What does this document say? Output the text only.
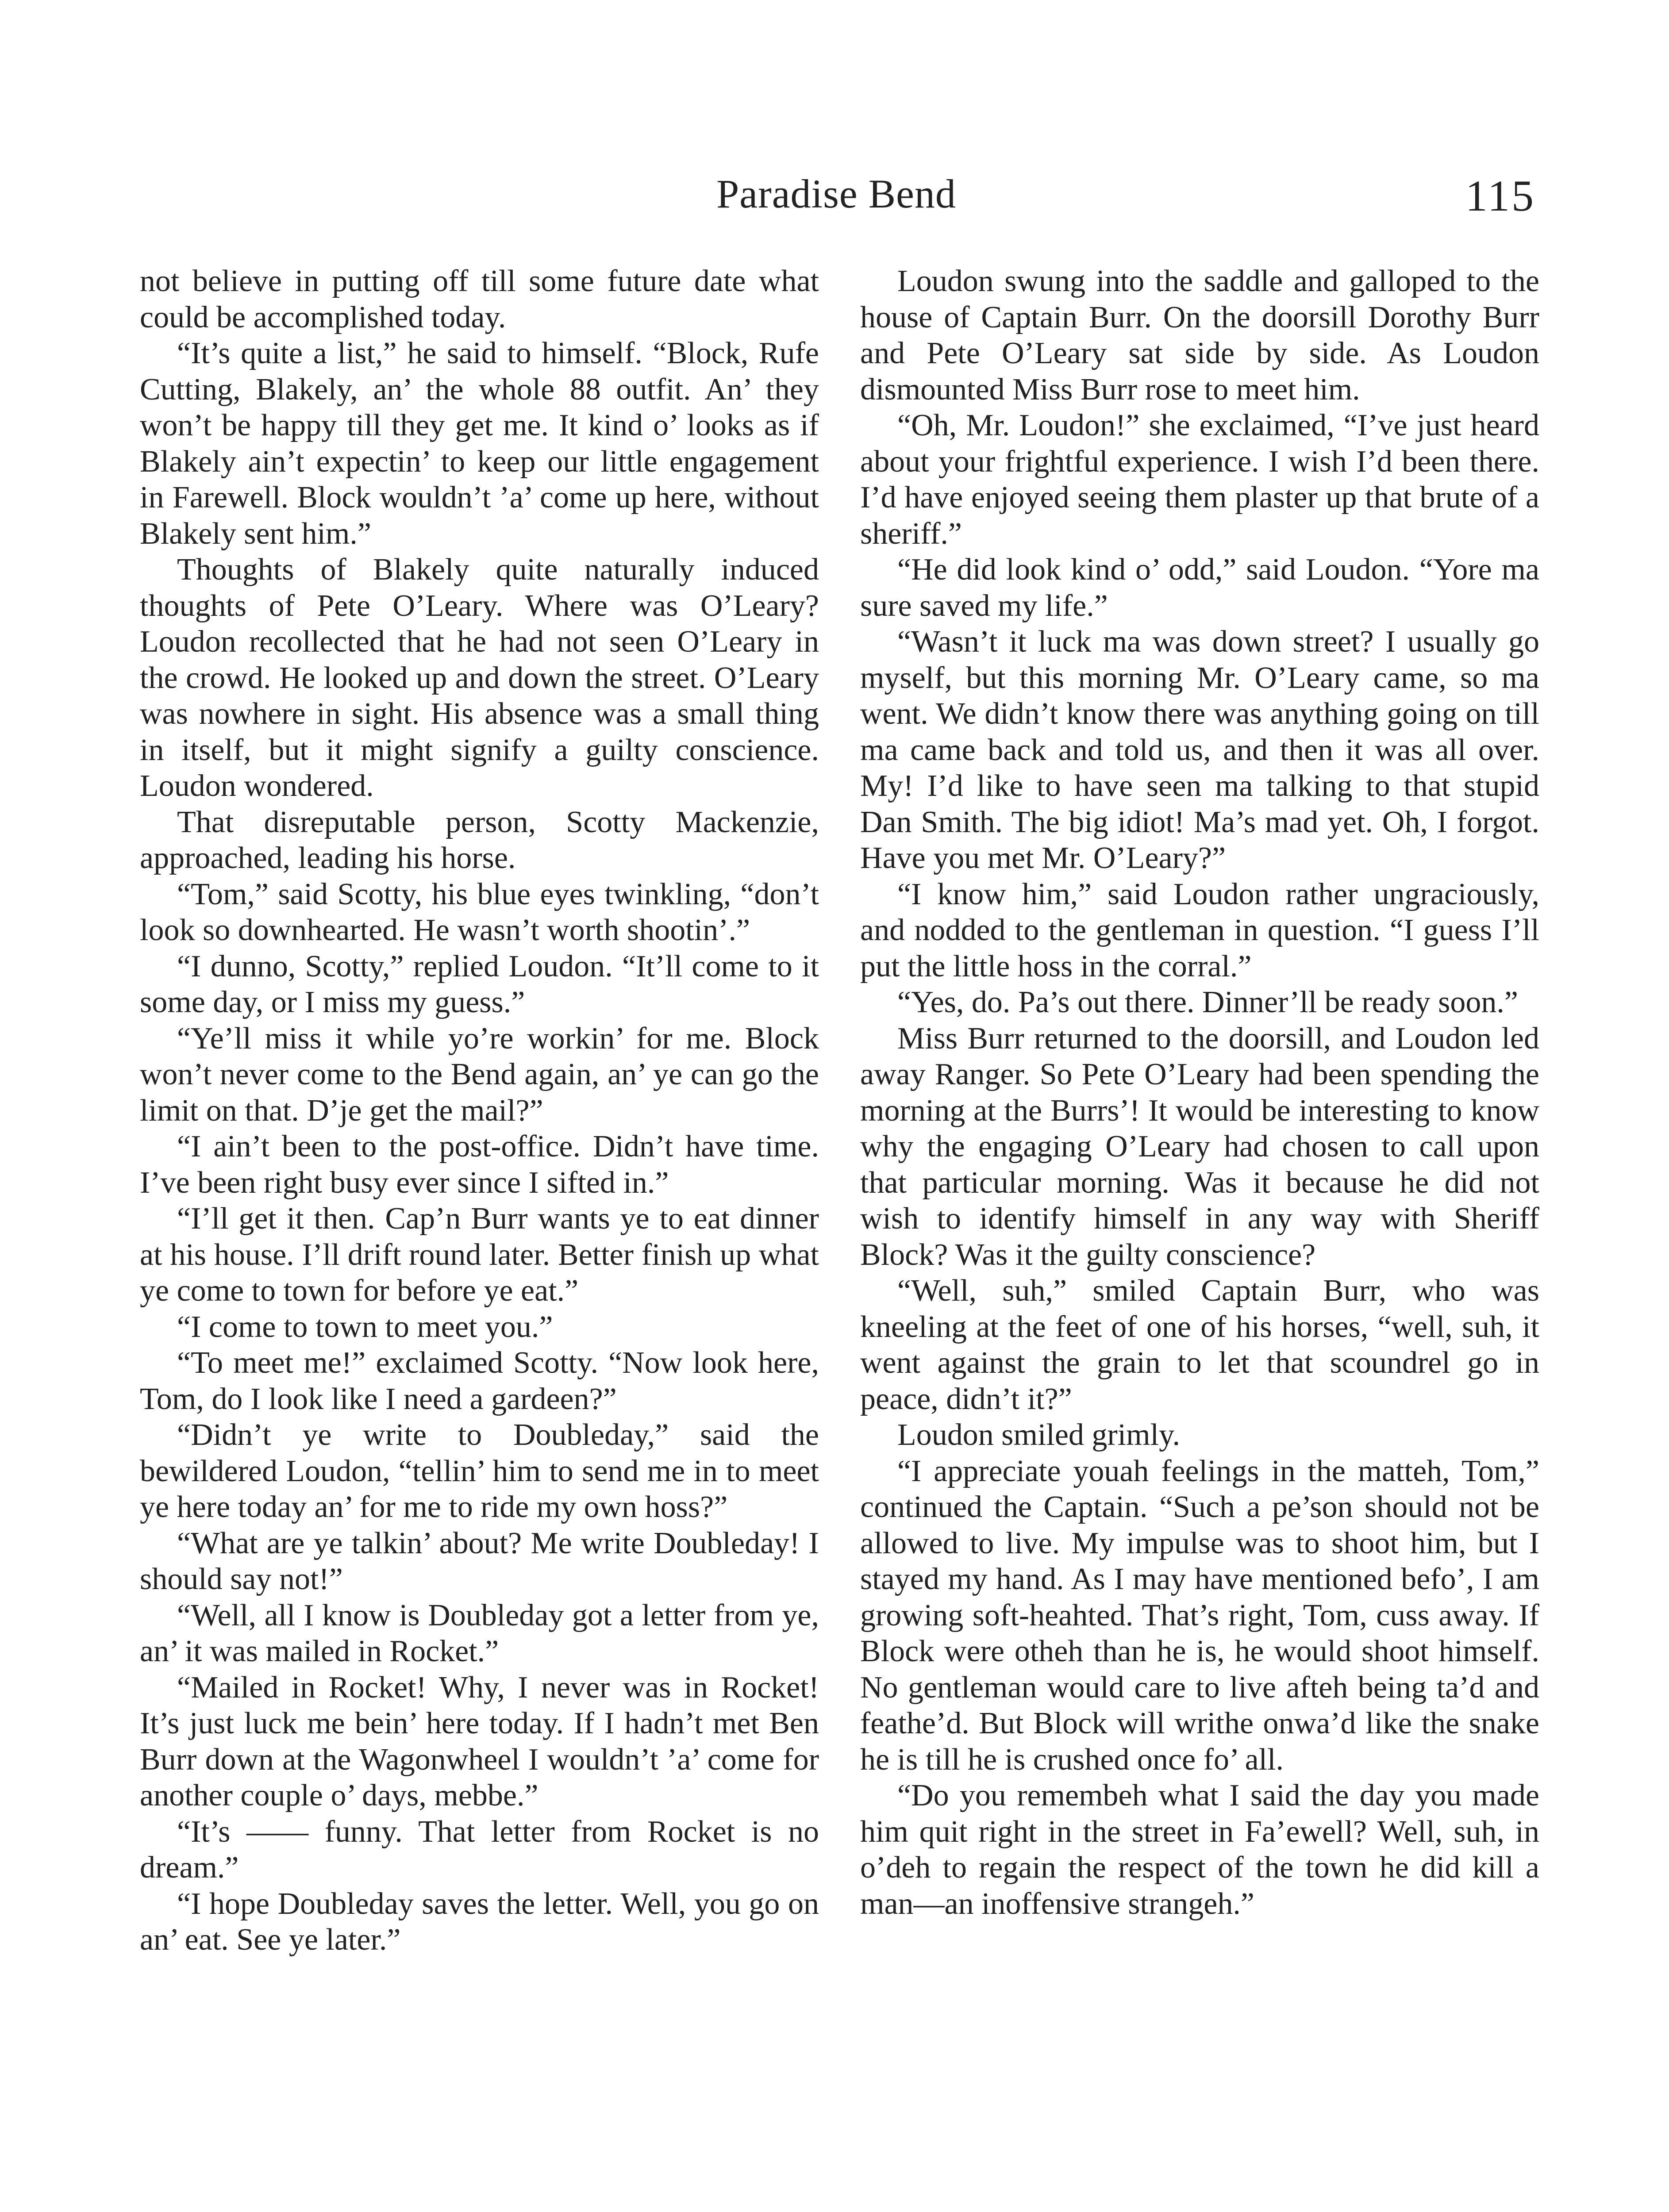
Paradise Bend	115

not believe in putting off till some future date what could be accomplished today.

“It’s quite a list,” he said to himself. “Block, Rufe Cutting, Blakely, an’ the whole 88 outfit. An’ they won’t be happy till they get me. It kind o’ looks as if Blakely ain’t expectin’ to keep our little engagement in Farewell. Block wouldn’t ’a’ come up here, without Blakely sent him.”

Thoughts of Blakely quite naturally induced thoughts of Pete O’Leary. Where was O’Leary? Loudon recollected that he had not seen O’Leary in the crowd. He looked up and down the street. O’Leary was nowhere in sight. His absence was a small thing in itself, but it might signify a guilty conscience. Loudon wondered.

That disreputable person, Scotty Mackenzie, approached, leading his horse.

“Tom,” said Scotty, his blue eyes twinkling, “don’t look so downhearted. He wasn’t worth shootin’.”

“I dunno, Scotty,” replied Loudon. “It’ll come to it some day, or I miss my guess.”

“Ye’ll miss it while yo’re workin’ for me. Block won’t never come to the Bend again, an’ ye can go the limit on that. D’je get the mail?”

“I ain’t been to the post-office. Didn’t have time. I’ve been right busy ever since I sifted in.”

“I’ll get it then. Cap’n Burr wants ye to eat dinner at his house. I’ll drift round later. Better finish up what ye come to town for before ye eat.”

“I come to town to meet you.”

“To meet me!” exclaimed Scotty. “Now look here, Tom, do I look like I need a gardeen?”

“Didn’t ye write to Doubleday,” said the bewildered Loudon, “tellin’ him to send me in to meet ye here today an’ for me to ride my own hoss?”

“What are ye talkin’ about? Me write Doubleday! I should say not!”

“Well, all I know is Doubleday got a letter from ye, an’ it was mailed in Rocket.”

“Mailed in Rocket! Why, I never was in Rocket! It’s just luck me bein’ here today. If I hadn’t met Ben Burr down at the Wagonwheel I wouldn’t ’a’ come for another couple o’ days, mebbe.”

“It’s —— funny. That letter from Rocket is no dream.”

“I hope Doubleday saves the letter. Well, you go on an’ eat. See ye later.”

Loudon swung into the saddle and galloped to the house of Captain Burr. On the doorsill Dorothy Burr and Pete O’Leary sat side by side. As Loudon dismounted Miss Burr rose to meet him.

“Oh, Mr. Loudon!” she exclaimed, “I’ve just heard about your frightful experience. I wish I’d been there. I’d have enjoyed seeing them plaster up that brute of a sheriff.”

“He did look kind o’ odd,” said Loudon. “Yore ma sure saved my life.”

“Wasn’t it luck ma was down street? I usually go myself, but this morning Mr. O’Leary came, so ma went. We didn’t know there was anything going on till ma came back and told us, and then it was all over. My! I’d like to have seen ma talking to that stupid Dan Smith. The big idiot! Ma’s mad yet. Oh, I forgot. Have you met Mr. O’Leary?”

“I know him,” said Loudon rather ungraciously, and nodded to the gentleman in question. “I guess I’ll put the little hoss in the corral.”

“Yes, do. Pa’s out there. Dinner’ll be ready soon.”

Miss Burr returned to the doorsill, and Loudon led away Ranger. So Pete O’Leary had been spending the morning at the Burrs’! It would be interesting to know why the engaging O’Leary had chosen to call upon that particular morning. Was it because he did not wish to identify himself in any way with Sheriff Block? Was it the guilty conscience?

“Well, suh,” smiled Captain Burr, who was kneeling at the feet of one of his horses, “well, suh, it went against the grain to let that scoundrel go in peace, didn’t it?”

Loudon smiled grimly.

“I appreciate youah feelings in the matteh, Tom,” continued the Captain. “Such a pe’son should not be allowed to live. My impulse was to shoot him, but I stayed my hand. As I may have mentioned befo’, I am growing soft-heahted. That’s right, Tom, cuss away. If Block were otheh than he is, he would shoot himself. No gentleman would care to live afteh being ta’d and feathe’d. But Block will writhe onwa’d like the snake he is till he is crushed once fo’ all.

“Do you remembeh what I said the day you made him quit right in the street in Fa’ewell? Well, suh, in o’deh to regain the respect of the town he did kill a man—an inoffensive strangeh.”
